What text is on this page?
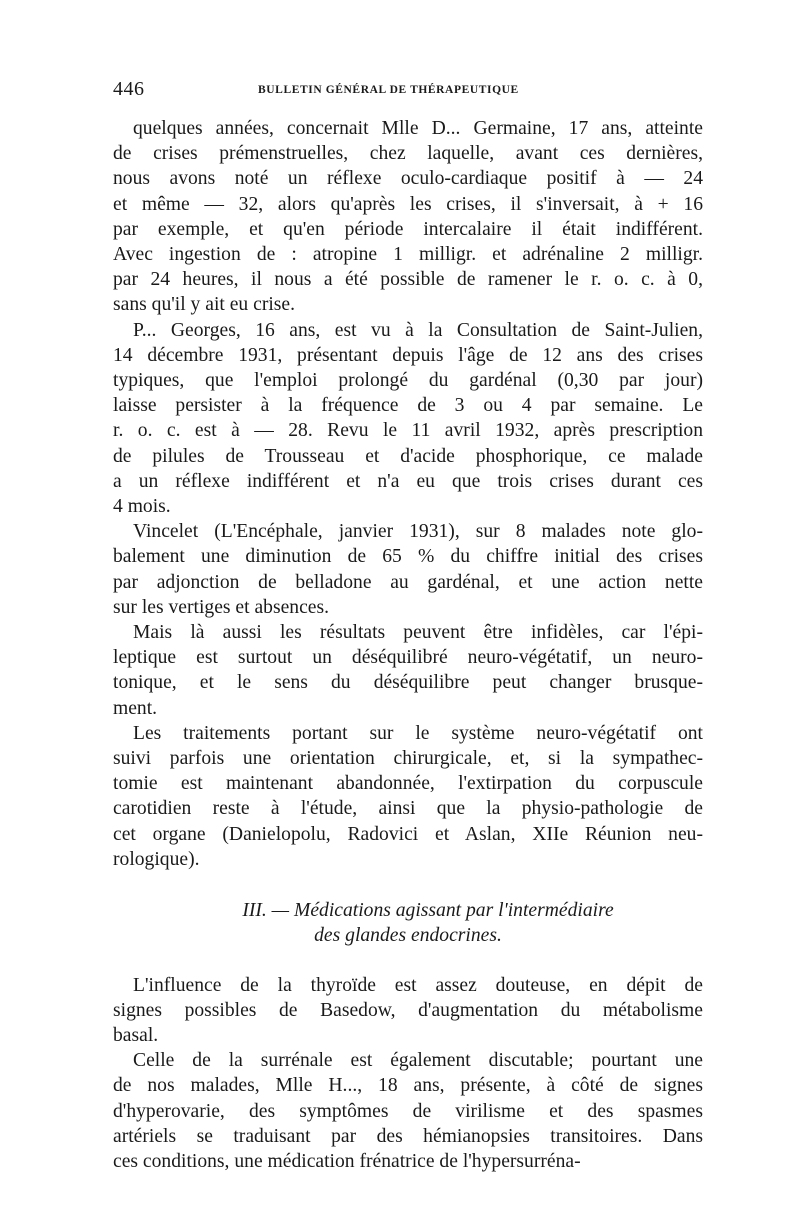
446	BULLETIN GÉNÉRAL DE THÉRAPEUTIQUE

quelques années, concernait Mlle D... Germaine, 17 ans, atteinte
de crises prémenstruelles, chez laquelle, avant ces dernières,
nous avons noté un réflexe oculo-cardiaque positif à — 24
et même — 32, alors qu'après les crises, il s'inversait, à + 16
par exemple, et qu'en période intercalaire il était indifférent.
Avec ingestion de : atropine 1 milligr. et adrénaline 2 milligr.
par 24 heures, il nous a été possible de ramener le r. o. c. à 0,
sans qu'il y ait eu crise.

P... Georges, 16 ans, est vu à la Consultation de Saint-Julien,
14 décembre 1931, présentant depuis l'âge de 12 ans des crises
typiques, que l'emploi prolongé du gardénal (0,30 par jour)
laisse persister à la fréquence de 3 ou 4 par semaine. Le
r. o. c. est à — 28. Revu le 11 avril 1932, après prescription
de pilules de Trousseau et d'acide phosphorique, ce malade
a un réflexe indifférent et n'a eu que trois crises durant ces
4 mois.

Vincelet (L'Encéphale, janvier 1931), sur 8 malades note glo-
balement une diminution de 65 % du chiffre initial des crises
par adjonction de belladone au gardénal, et une action nette
sur les vertiges et absences.

Mais là aussi les résultats peuvent être infidèles, car l'épi-
leptique est surtout un déséquilibré neuro-végétatif, un neuro-
tonique, et le sens du déséquilibre peut changer brusque-
ment.

Les traitements portant sur le système neuro-végétatif ont
suivi parfois une orientation chirurgicale, et, si la sympathec-
tomie est maintenant abandonnée, l'extirpation du corpuscule
carotidien reste à l'étude, ainsi que la physio-pathologie de
cet organe (Danielopolu, Radovici et Aslan, XIIe Réunion neu-
rologique).

III. — Médications agissant par l'intermédiaire
des glandes endocrines.

L'influence de la thyroïde est assez douteuse, en dépit de
signes possibles de Basedow, d'augmentation du métabolisme
basal.

Celle de la surrénale est également discutable; pourtant une
de nos malades, Mlle H..., 18 ans, présente, à côté de signes
d'hyperovarie, des symptômes de virilisme et des spasmes
artériels se traduisant par des hémianopsies transitoires. Dans
ces conditions, une médication frénatrice de l'hypersurréna-
